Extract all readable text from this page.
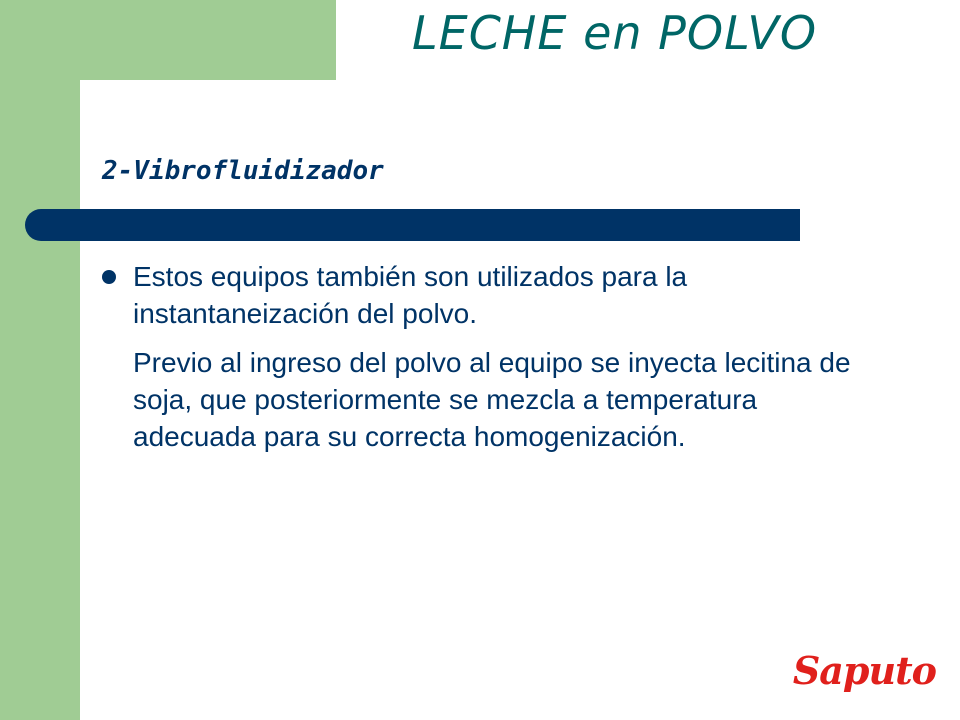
LECHE en POLVO
2-Vibrofluidizador
Estos equipos también son utilizados para la instantaneización del polvo.
Previo al ingreso del polvo al equipo se inyecta lecitina de soja, que posteriormente se mezcla a temperatura adecuada para su correcta homogenización.
Saputo
